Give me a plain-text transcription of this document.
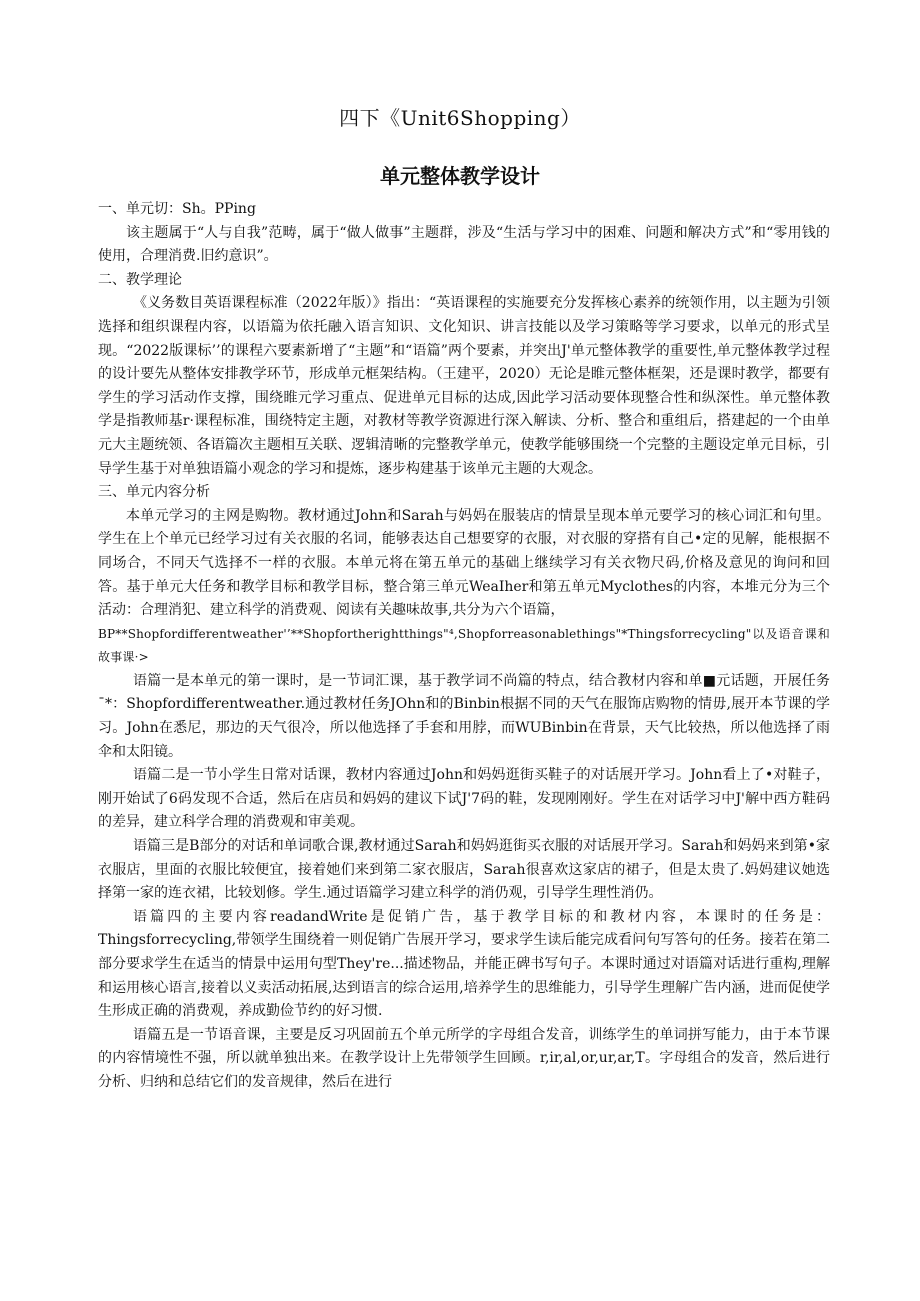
四下《Unit6Shopping）
单元整体教学设计

一、单元切：Sh。PPing

该主题属于“人与自我”范畴，属于“做人做事”主题群，涉及“生活与学习中的困难、问题和解决方式”和“零用钱的使用，合理消费.旧约意识”。

二、教学理论

《义务数目英语课程标准（2022年版）》指出：“英语课程的实施要充分发挥核心素养的统领作用，以主题为引领选择和组织课程内容，以语篇为依托融入语言知识、文化知识、讲言技能以及学习策略等学习要求，以单元的形式呈现。“2022版课标’’的课程六要素新增了“主题”和“语篇”两个要素，并突出J'单元整体教学的重要性,单元整体教学过程的设计要先从整体安排教学环节，形成单元框架结构。（王建平，2020）无论是睢元整体框架，还是课时教学，都要有学生的学习活动作支撑，围绕睢元学习重点、促进单元目标的达成,因此学习活动要体现整合性和纵深性。单元整体教学是指教师基r·课程标准，围绕特定主题，对教材等教学资源进行深入解读、分析、整合和重组后，搭建起的一个由单元大主题统领、各语篇次主题相互关联、逻辑清晰的完整教学单元，使教学能够围绕一个完整的主题设定单元目标，引导学生基于对单独语篇小观念的学习和提炼，逐步构建基于该单元主题的大观念。

三、单元内容分析

本单元学习的主网是购物。教材通过John和Sarah与妈妈在服装店的情景呈现本单元要学习的核心词汇和句里。学生在上个单元已经学习过有关衣服的名词，能够表达自己想要穿的衣服，对衣服的穿搭有自己•定的见解，能根据不同场合，不同天气选择不一样的衣服。本单元将在第五单元的基础上继续学习有关衣物尺码,价格及意见的询问和回答。基于单元大任务和教学目标和教学目标，整合第三单元WeaIher和第五单元Myclothes的内容，本堆元分为三个活动：合理消犯、建立科学的消费观、阅读有关趣味故事,共分为六个语篇，

BP**Shopfordifferentweather'’**Shopfortherightthings"⁴,Shopforreasonablethings"*Thingsforrecycling"以及语音课和故事课·>

语篇一是本单元的第一课时，是一节词汇课，基于教学词不尚篇的特点，结合教材内容和单■元话题，开展任务¯*：Shopfordifferentweather.通过教材任务JOhn和的Binbin根据不同的天气在服饰店购物的情毋,展开本节课的学习。John在悉尼，那边的天气很冷，所以他选择了手套和用脖，而WUBinbin在背景，天气比较热，所以他选择了雨伞和太阳镜。

语篇二是一节小学生日常对话课，教材内容通过John和妈妈逛街买鞋子的对话展开学习。John看上了•对鞋子，刚开始试了6码发现不合适，然后在店员和妈妈的建议下试J'7码的鞋，发现刚刚好。学生在对话学习中J'解中西方鞋码的差异，建立科学合理的消费观和审美观。

语篇三是B部分的对话和单词歌合课,教材通过Sarah和妈妈逛街买衣服的对话展开学习。Sarah和妈妈来到第•家衣服店，里面的衣服比较便宜，接着她们来到第二家衣服店，Sarah很喜欢这家店的裙子，但是太贵了.妈妈建议她选择第一家的连衣裙，比较划修。学生.通过语篇学习建立科学的消仍观，引导学生理性消仍。

语篇四的主要内容readandWrite是促销广告，基于教学目标的和教材内容，本课时的任务是：Thingsforrecycling,带领学生围绕着一则促销广告展开学习，要求学生读后能完成看问句写答句的任务。接若在第二部分要求学生在适当的情景中运用句型They're...描述物品，并能正碑书写句子。本课时通过对语篇对话进行重构,理解和运用核心语言,接着以义卖活动拓展,达到语言的综合运用,培养学生的思维能力，引导学生理解广告内涵，进而促使学生形成正确的消费观，养成勤俭节约的好习惯.

语篇五是一节语音课，主要是反习巩固前五个单元所学的字母组合发音，训练学生的单词拼写能力，由于本节课的内容情境性不强，所以就单独出来。在教学设计上先带领学生回顾。r,ir,al,or,ur,ar,T。字母组合的发音，然后进行分析、归纳和总结它们的发音规律，然后在进行
